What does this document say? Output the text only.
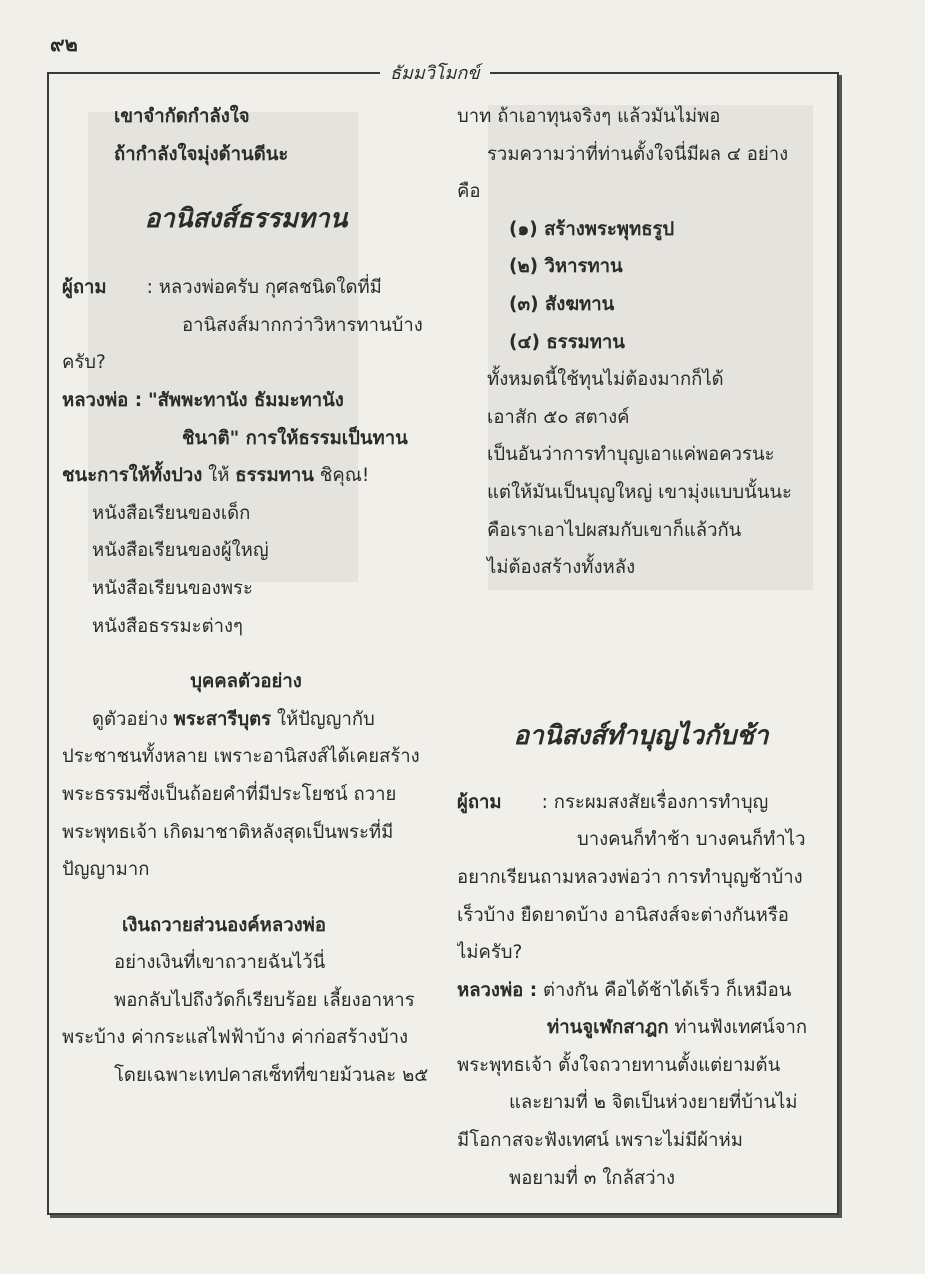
๙๒
ธัมมวิโมกข์

เขาจำกัดกำลังใจ

ถ้ากำลังใจมุ่งด้านดีนะ

อานิสงส์ธรรมทาน

ผู้ถาม : หลวงพ่อครับ กุศลชนิดใดที่มี

อานิสงส์มากกว่าวิหารทานบ้าง

ครับ?

หลวงพ่อ : "สัพพะทานัง ธัมมะทานัง

ชินาติ" การให้ธรรมเป็นทาน

ชนะการให้ทั้งปวง ให้ ธรรมทาน ชิคุณ!

หนังสือเรียนของเด็ก

หนังสือเรียนของผู้ใหญ่

หนังสือเรียนของพระ

หนังสือธรรมะต่างๆ

บุคคลตัวอย่าง

ดูตัวอย่าง พระสารีบุตร ให้ปัญญากับ

ประชาชนทั้งหลาย เพราะอานิสงส์ได้เคยสร้าง

พระธรรมซึ่งเป็นถ้อยคำที่มีประโยชน์ ถวาย

พระพุทธเจ้า เกิดมาชาติหลังสุดเป็นพระที่มี

ปัญญามาก

เงินถวายส่วนองค์หลวงพ่อ

อย่างเงินที่เขาถวายฉันไว้นี่

พอกลับไปถึงวัดก็เรียบร้อย เลี้ยงอาหาร

พระบ้าง ค่ากระแสไฟฟ้าบ้าง ค่าก่อสร้างบ้าง

โดยเฉพาะเทปคาสเซ็ทที่ขายม้วนละ ๒๕

บาท ถ้าเอาทุนจริงๆ แล้วมันไม่พอ

รวมความว่าที่ท่านตั้งใจนี่มีผล ๔ อย่าง

คือ

(๑) สร้างพระพุทธรูป

(๒) วิหารทาน

(๓) สังฆทาน

(๔) ธรรมทาน

ทั้งหมดนี้ใช้ทุนไม่ต้องมากก็ได้

เอาสัก ๕๐ สตางค์

เป็นอันว่าการทำบุญเอาแค่พอควรนะ

แต่ให้มันเป็นบุญใหญ่ เขามุ่งแบบนั้นนะ

คือเราเอาไปผสมกับเขาก็แล้วกัน

ไม่ต้องสร้างทั้งหลัง

อานิสงส์ทำบุญไวกับช้า

ผู้ถาม : กระผมสงสัยเรื่องการทำบุญ

บางคนก็ทำช้า บางคนก็ทำไว

อยากเรียนถามหลวงพ่อว่า การทำบุญช้าบ้าง

เร็วบ้าง ยืดยาดบ้าง อานิสงส์จะต่างกันหรือ

ไม่ครับ?

หลวงพ่อ : ต่างกัน คือได้ช้าได้เร็ว ก็เหมือน

ท่านจูเฬกสาฎก ท่านฟังเทศน์จาก

พระพุทธเจ้า ตั้งใจถวายทานตั้งแต่ยามต้น

และยามที่ ๒ จิตเป็นห่วงยายที่บ้านไม่

มีโอกาสจะฟังเทศน์ เพราะไม่มีผ้าห่ม

พอยามที่ ๓ ใกล้สว่าง
